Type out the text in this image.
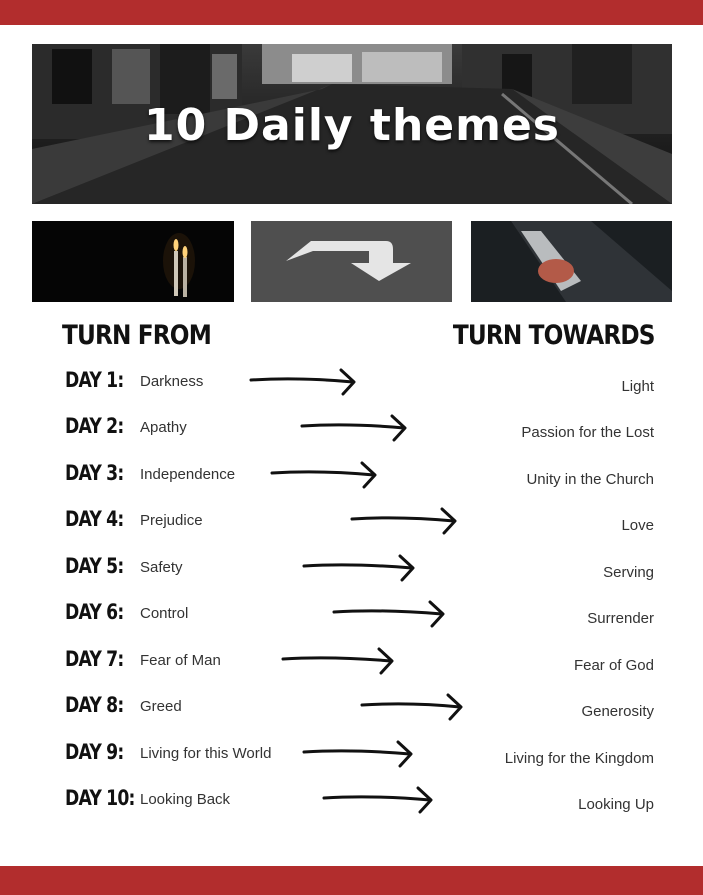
10 Daily themes
TURN FROM	TURN TOWARDS
DAY 1: Darkness	Light
DAY 2: Apathy	Passion for the Lost
DAY 3: Independence	Unity in the Church
DAY 4: Prejudice	Love
DAY 5: Safety	Serving
DAY 6: Control	Surrender
DAY 7: Fear of Man	Fear of God
DAY 8: Greed	Generosity
DAY 9: Living for this World	Living for the Kingdom
DAY 10: Looking Back	Looking Up
